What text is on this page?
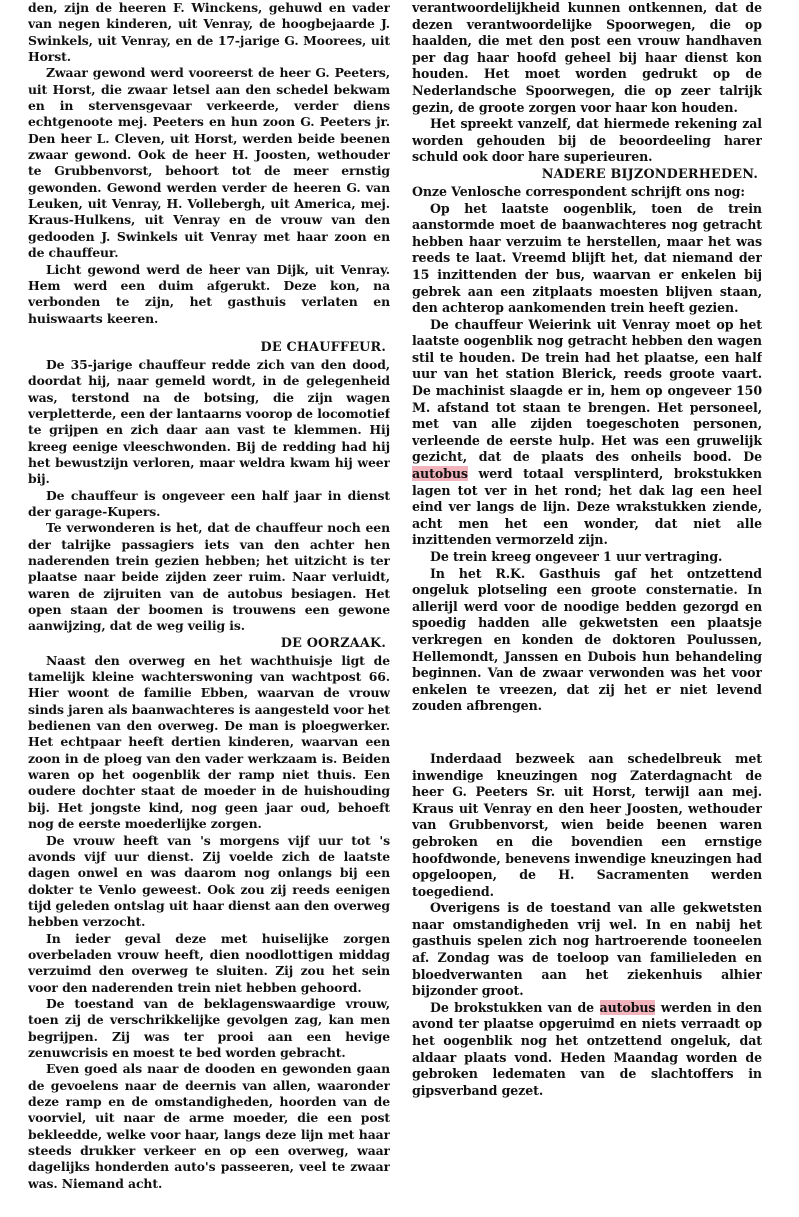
den, zijn de heeren F. Winckens, gehuwd en vader van negen kinderen, uit Venray, de hoogbejaarde J. Swinkels, uit Venray, en de 17-jarige G. Moorees, uit Horst.

Zwaar gewond werd vooreerst de heer G. Peeters, uit Horst, die zwaar letsel aan den schedel bekwam en in stervensgevaar verkeerde, verder diens echtgenoote mej. Peeters en hun zoon G. Peeters jr. Den heer L. Cleven, uit Horst, werden beide beenen zwaar gewond. Ook de heer H. Joosten, wethouder te Grubbenvorst, behoort tot de meer ernstig gewonden. Gewond werden verder de heeren G. van Leuken, uit Venray, H. Vollebergh, uit America, mej. Kraus-Hulkens, uit Venray en de vrouw van den gedooden J. Swinkels uit Venray met haar zoon en de chauffeur.

Licht gewond werd de heer van Dijk, uit Venray. Hem werd een duim afgerukt. Deze kon, na verbonden te zijn, het gasthuis verlaten en huiswaarts keeren.

DE CHAUFFEUR.

De 35-jarige chauffeur redde zich van den dood, doordat hij, naar gemeld wordt, in de gelegenheid was, terstond na de botsing, die zijn wagen verpletterde, een der lantaarns voorop de locomotief te grijpen en zich daar aan vast te klemmen. Hij kreeg eenige vleeschwonden. Bij de redding had hij het bewustzijn verloren, maar weldra kwam hij weer bij.

De chauffeur is ongeveer een half jaar in dienst der garage-Kupers.

Te verwonderen is het, dat de chauffeur noch een der talrijke passagiers iets van den achter hen naderenden trein gezien hebben; het uitzicht is ter plaatse naar beide zijden zeer ruim. Naar verluidt, waren de zijruiten van de autobus besiagen. Het open staan der boomen is trouwens een gewone aanwijzing, dat de weg veilig is.

DE OORZAAK.

Naast den overweg en het wachthuisje ligt de tamelijk kleine wachterswoning van wachtpost 66. Hier woont de familie Ebben, waarvan de vrouw sinds jaren als baanwachteres is aangesteld voor het bedienen van den overweg. De man is ploegwerker. Het echtpaar heeft dertien kinderen, waarvan een zoon in de ploeg van den vader werkzaam is. Beiden waren op het oogenblik der ramp niet thuis. Een oudere dochter staat de moeder in de huishouding bij. Het jongste kind, nog geen jaar oud, behoeft nog de eerste moederlijke zorgen.

De vrouw heeft van 's morgens vijf uur tot 's avonds vijf uur dienst. Zij voelde zich de laatste dagen onwel en was daarom nog onlangs bij een dokter te Venlo geweest. Ook zou zij reeds eenigen tijd geleden ontslag uit haar dienst aan den overweg hebben verzocht.

In ieder geval deze met huiselijke zorgen overbeladen vrouw heeft, dien noodlottigen middag verzuimd den overweg te sluiten. Zij zou het sein voor den naderenden trein niet hebben gehoord.

De toestand van de beklagenswaardige vrouw, toen zij de verschrikkelijke gevolgen zag, kan men begrijpen. Zij was ter prooi aan een hevige zenuwcrisis en moest te bed worden gebracht.

Even goed als naar de dooden en gewonden gaan de gevoelens naar de deernis van allen, waaronder deze ramp en de omstandigheden, hoorden van de voorviel, uit naar de arme moeder, die een post bekleedde, welke voor haar, langs deze lijn met haar steeds drukker verkeer en op een overweg, waar dagelijks honderden auto's passeeren, veel te zwaar was. Niemand acht.

verantwoordelijkheid kunnen ontkennen, dat de dezen verantwoordelijke Spoorwegen, die op haalden, die met den post een vrouw handhaven per dag haar hoofd geheel bij haar dienst kon houden. Het moet worden gedrukt op de Nederlandsche Spoorwegen, die op zeer talrijk gezin, de groote zorgen voor haar kon houden.

Het spreekt vanzelf, dat hiermede rekening zal worden gehouden bij de beoordeeling harer schuld ook door hare superieuren.

NADERE BIJZONDERHEDEN.

Onze Venlosche correspondent schrijft ons nog:

Op het laatste oogenblik, toen de trein aanstormde moet de baanwachteres nog getracht hebben haar verzuim te herstellen, maar het was reeds te laat. Vreemd blijft het, dat niemand der 15 inzittenden der bus, waarvan er enkelen bij gebrek aan een zitplaats moesten blijven staan, den achterop aankomenden trein heeft gezien.

De chauffeur Weierink uit Venray moet op het laatste oogenblik nog getracht hebben den wagen stil te houden. De trein had het plaatse, een half uur van het station Blerick, reeds groote vaart. De machinist slaagde er in, hem op ongeveer 150 M. afstand tot staan te brengen. Het personeel, met van alle zijden toegeschoten personen, verleende de eerste hulp. Het was een gruwelijk gezicht, dat de plaats des onheils bood. De autobus werd totaal versplinterd, brokstukken lagen tot ver in het rond; het dak lag een heel eind ver langs de lijn. Deze wrakstukken ziende, acht men het een wonder, dat niet alle inzittenden vermorzeld zijn.

De trein kreeg ongeveer 1 uur vertraging.

In het R.K. Gasthuis gaf het ontzettend ongeluk plotseling een groote consternatie. In allerijl werd voor de noodige bedden gezorgd en spoedig hadden alle gekwetsten een plaatsje verkregen en konden de doktoren Poulussen, Hellemondt, Janssen en Dubois hun behandeling beginnen. Van de zwaar verwonden was het voor enkelen te vreezen, dat zij het er niet levend zouden afbrengen.

Inderdaad bezweek aan schedelbreuk met inwendige kneuzingen nog Zaterdagnacht de heer G. Peeters Sr. uit Horst, terwijl aan mej. Kraus uit Venray en den heer Joosten, wethouder van Grubbenvorst, wien beide beenen waren gebroken en die bovendien een ernstige hoofdwonde, benevens inwendige kneuzingen had opgeloopen, de H. Sacramenten werden toegediend.

Overigens is de toestand van alle gekwetsten naar omstandigheden vrij wel. In en nabij het gasthuis spelen zich nog hartroerende tooneelen af. Zondag was de toeloop van familieleden en bloedverwanten aan het ziekenhuis alhier bijzonder groot.

De brokstukken van de autobus werden in den avond ter plaatse opgeruimd en niets verraadt op het oogenblik nog het ontzettend ongeluk, dat aldaar plaats vond. Heden Maandag worden de gebroken ledematen van de slachtoffers in gipsverband gezet.
